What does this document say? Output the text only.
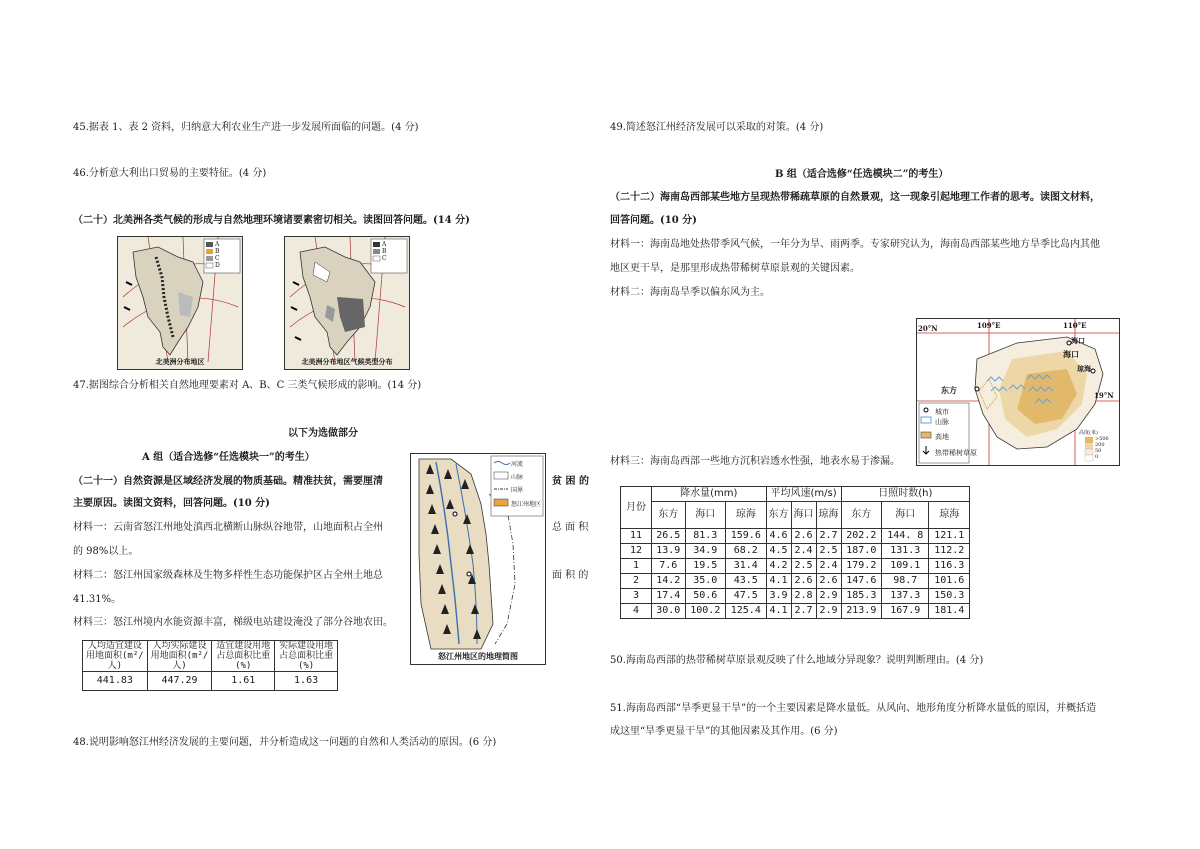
45.据表 1、表 2 资料，归纳意大利农业生产进一步发展所面临的问题。(4 分)
46.分析意大利出口贸易的主要特征。(4 分)
（二十）北美洲各类气候的形成与自然地理环境诸要素密切相关。读图回答问题。(14 分)
A
B
C
D
北美洲分布地区
A
B
C
北美洲分布地区气候类型分布
47.据图综合分析相关自然地理要素对 A、B、C 三类气候形成的影响。(14 分)
以下为选做部分
A 组（适合选修“任选模块一”的考生）
（二十一）自然资源是区域经济发展的物质基础。精准扶贫，需要厘清	贫 困 的
主要原因。读图文资料，回答问题。(10 分)
材料一：云南省怒江州地处滇西北横断山脉纵谷地带，山地面积占全州	总 面 积
的 98%以上。
材料二：怒江州国家级森林及生物多样性生态功能保护区占全州土地总	面 积 的
41.31%。
材料三：怒江州境内水能资源丰富，梯级电站建设淹没了部分谷地农田。
河流
山脉
国界
怒江州地区
怒江州地区的地理简图
人均适宜建设用地面积(m²/人)	人均实际建设用地面积(m²/人)	适宜建设用地占总面积比重(%)	实际建设用地占总面积比重(%)
441.83	447.29	1.61	1.63
48.说明影响怒江州经济发展的主要问题，并分析造成这一问题的自然和人类活动的原因。(6 分)
49.简述怒江州经济发展可以采取的对策。(4 分)
B 组（适合选修“任选模块二”的考生）
（二十二）海南岛西部某些地方呈现热带稀疏草原的自然景观，这一现象引起地理工作者的思考。读图文材料，
回答问题。(10 分)
材料一：海南岛地处热带季风气候，一年分为旱、雨两季。专家研究认为，海南岛西部某些地方旱季比岛内其他
地区更干旱，是那里形成热带稀树草原景观的关键因素。
材料二：海南岛旱季以偏东风为主。
材料三：海南岛西部一些地方沉积岩透水性强，地表水易于渗漏。
20°N
19°N
109°E	110°E
海口
海口
琼海
东方
城市
山脉
高地
热带稀树草原
高度(米)
>500
200
50
0
月份	降水量(mm)			平均风速(m/s)			日照时数(h)		
	东方	海口	琼海	东方	海口	琼海	东方	海口	琼海
11	26.5	81.3	159.6	4.6	2.6	2.7	202.2	144. 8	121.1
12	13.9	34.9	68.2	4.5	2.4	2.5	187.0	131.3	112.2
1	7.6	19.5	31.4	4.2	2.5	2.4	179.2	109.1	116.3
2	14.2	35.0	43.5	4.1	2.6	2.6	147.6	98.7	101.6
3	17.4	50.6	47.5	3.9	2.8	2.9	185.3	137.3	150.3
4	30.0	100.2	125.4	4.1	2.7	2.9	213.9	167.9	181.4
50.海南岛西部的热带稀树草原景观反映了什么地域分异现象？说明判断理由。(4 分)
51.海南岛西部“旱季更显干旱”的一个主要因素是降水量低。从风向、地形角度分析降水量低的原因，并概括造
成这里“旱季更显干旱”的其他因素及其作用。(6 分)
